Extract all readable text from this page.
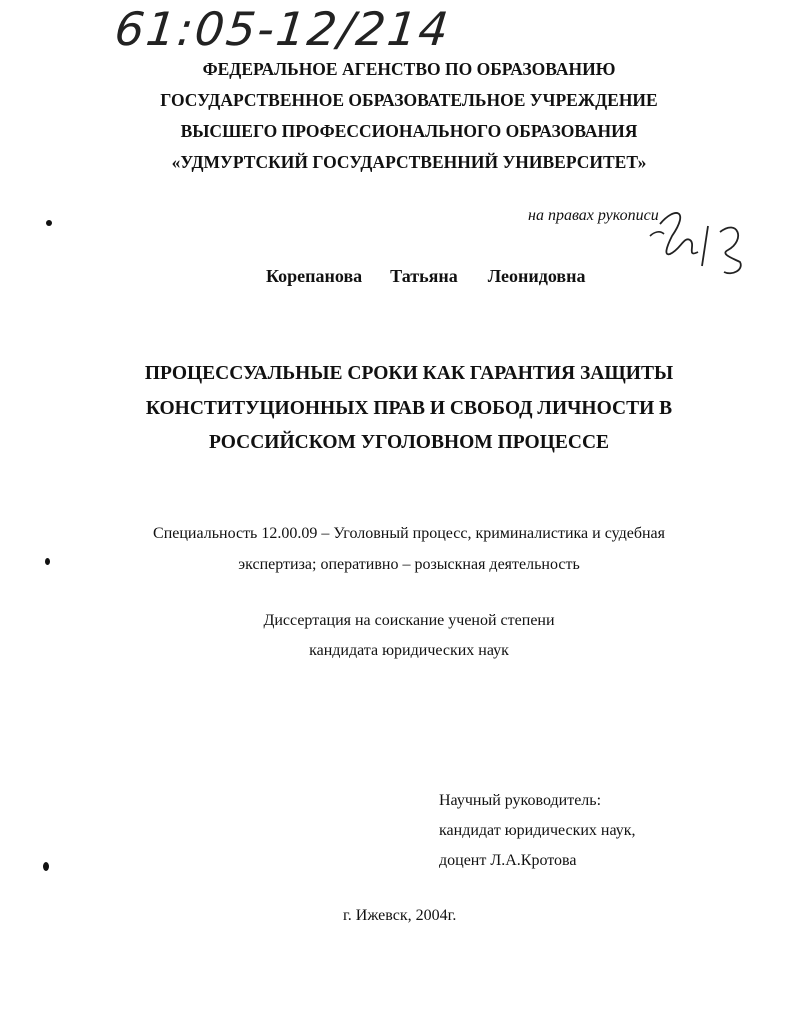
61:05-12/214
ФЕДЕРАЛЬНОЕ АГЕНСТВО ПО ОБРАЗОВАНИЮ
ГОСУДАРСТВЕННОЕ ОБРАЗОВАТЕЛЬНОЕ УЧРЕЖДЕНИЕ
ВЫСШЕГО ПРОФЕССИОНАЛЬНОГО ОБРАЗОВАНИЯ
«УДМУРТСКИЙ ГОСУДАРСТВЕННИЙ УНИВЕРСИТЕТ»
на правах рукописи
Корепанова Татьяна Леонидовна
ПРОЦЕССУАЛЬНЫЕ СРОКИ КАК ГАРАНТИЯ ЗАЩИТЫ
КОНСТИТУЦИОННЫХ ПРАВ И СВОБОД ЛИЧНОСТИ В
РОССИЙСКОМ УГОЛОВНОМ ПРОЦЕССЕ
Специальность 12.00.09 – Уголовный процесс, криминалистика и судебная
экспертиза; оперативно – розыскная деятельность
Диссертация на соискание ученой степени
кандидата юридических наук
Научный руководитель:
кандидат юридических наук,
доцент Л.А.Кротова
г. Ижевск, 2004г.
